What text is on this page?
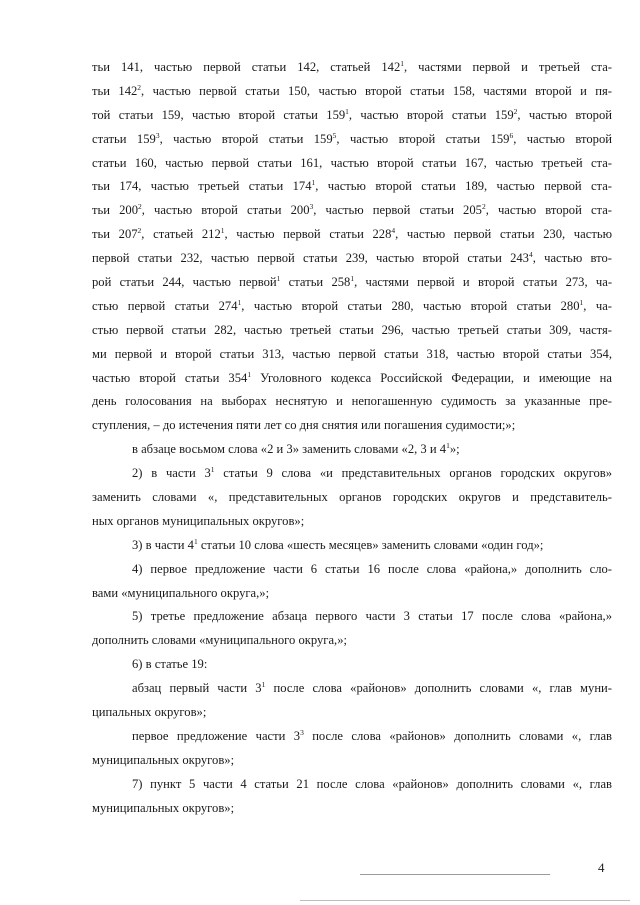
тьи 141, частью первой статьи 142, статьей $142^1$, частями первой и третьей ста-
тьи $142^2$, частью первой статьи 150, частью второй статьи 158, частями второй и пя-
той статьи 159, частью второй статьи $159^1$, частью второй статьи $159^2$, частью второй
статьи $159^3$, частью второй статьи $159^5$, частью второй статьи $159^6$, частью второй
статьи 160, частью первой статьи 161, частью второй статьи 167, частью третьей ста-
тьи 174, частью третьей статьи $174^1$, частью второй статьи 189, частью первой ста-
тьи $200^2$, частью второй статьи $200^3$, частью первой статьи $205^2$, частью второй ста-
тьи $207^2$, статьей $212^1$, частью первой статьи $228^4$, частью первой статьи 230, частью
первой статьи 232, частью первой статьи 239, частью второй статьи $243^4$, частью вто-
рой статьи 244, частью первой$^1$ статьи $258^1$, частями первой и второй статьи 273, ча-
стью первой статьи $274^1$, частью второй статьи 280, частью второй статьи $280^1$, ча-
стью первой статьи 282, частью третьей статьи 296, частью третьей статьи 309, частя-
ми первой и второй статьи 313, частью первой статьи 318, частью второй статьи 354,
частью второй статьи $354^1$ Уголовного кодекса Российской Федерации, и имеющие на
день голосования на выборах неснятую и непогашенную судимость за указанные пре-
ступления, – до истечения пяти лет со дня снятия или погашения судимости;»;
в абзаце восьмом слова «2 и 3» заменить словами «2, 3 и $4^1$»;
2) в части $3^1$ статьи 9 слова «и представительных органов городских округов»
заменить словами «, представительных органов городских округов и представитель-
ных органов муниципальных округов»;
3) в части $4^1$ статьи 10 слова «шесть месяцев» заменить словами «один год»;
4) первое предложение части 6 статьи 16 после слова «района,» дополнить сло-
вами «муниципального округа,»;
5) третье предложение абзаца первого части 3 статьи 17 после слова «района,»
дополнить словами «муниципального округа,»;
6) в статье 19:
абзац первый части $3^1$ после слова «районов» дополнить словами «, глав муни-
ципальных округов»;
первое предложение части $3^3$ после слова «районов» дополнить словами «, глав
муниципальных округов»;
7) пункт 5 части 4 статьи 21 после слова «районов» дополнить словами «, глав
муниципальных округов»;
4
